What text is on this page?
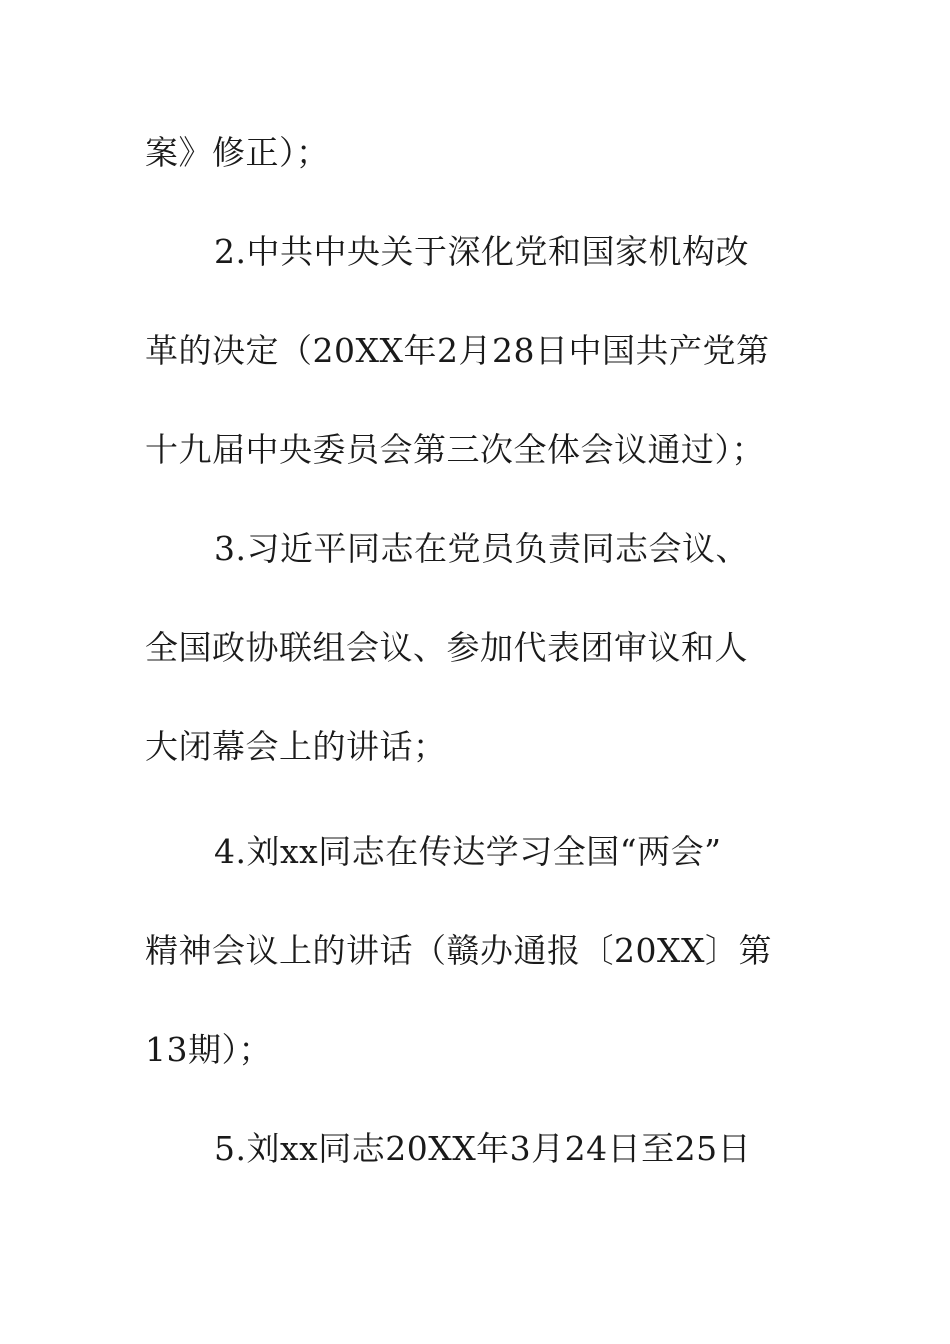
案》修正）；
2.中共中央关于深化党和国家机构改
革的决定（20XX年2月28日中国共产党第
十九届中央委员会第三次全体会议通过）；
3.习近平同志在党员负责同志会议、
全国政协联组会议、参加代表团审议和人
大闭幕会上的讲话；
4.刘xx同志在传达学习全国“两会”
精神会议上的讲话（赣办通报〔20XX〕第
13期）；
5.刘xx同志20XX年3月24日至25日
